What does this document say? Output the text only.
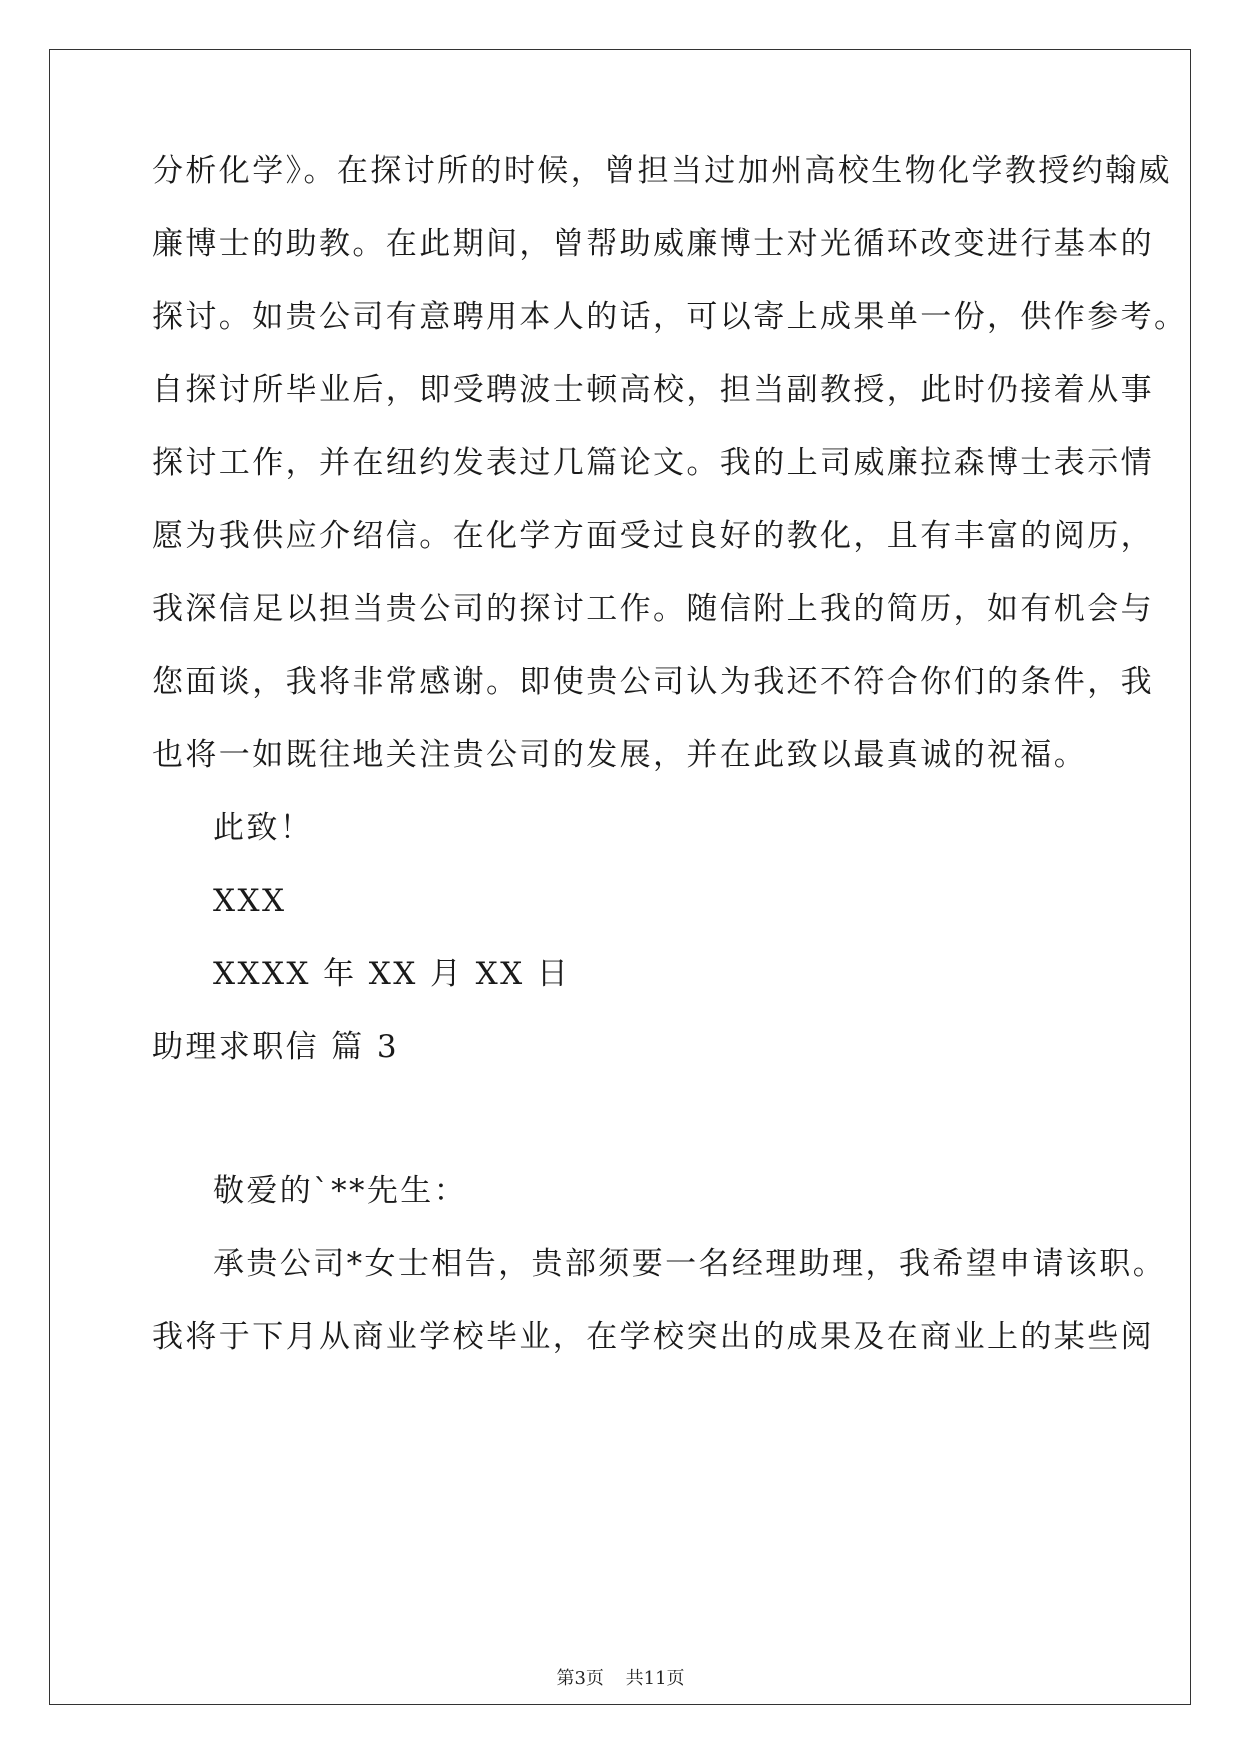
分析化学》。在探讨所的时候，曾担当过加州高校生物化学教授约翰威
廉博士的助教。在此期间，曾帮助威廉博士对光循环改变进行基本的
探讨。如贵公司有意聘用本人的话，可以寄上成果单一份，供作参考。
自探讨所毕业后，即受聘波士顿高校，担当副教授，此时仍接着从事
探讨工作，并在纽约发表过几篇论文。我的上司威廉拉森博士表示情
愿为我供应介绍信。在化学方面受过良好的教化，且有丰富的阅历，
我深信足以担当贵公司的探讨工作。随信附上我的简历，如有机会与
您面谈，我将非常感谢。即使贵公司认为我还不符合你们的条件，我
也将一如既往地关注贵公司的发展，并在此致以最真诚的祝福。
此致！
XXX
XXXX 年 XX 月 XX 日
助理求职信 篇 3
敬爱的`**先生：
承贵公司*女士相告，贵部须要一名经理助理，我希望申请该职。
我将于下月从商业学校毕业，在学校突出的成果及在商业上的某些阅
第3页 共11页
